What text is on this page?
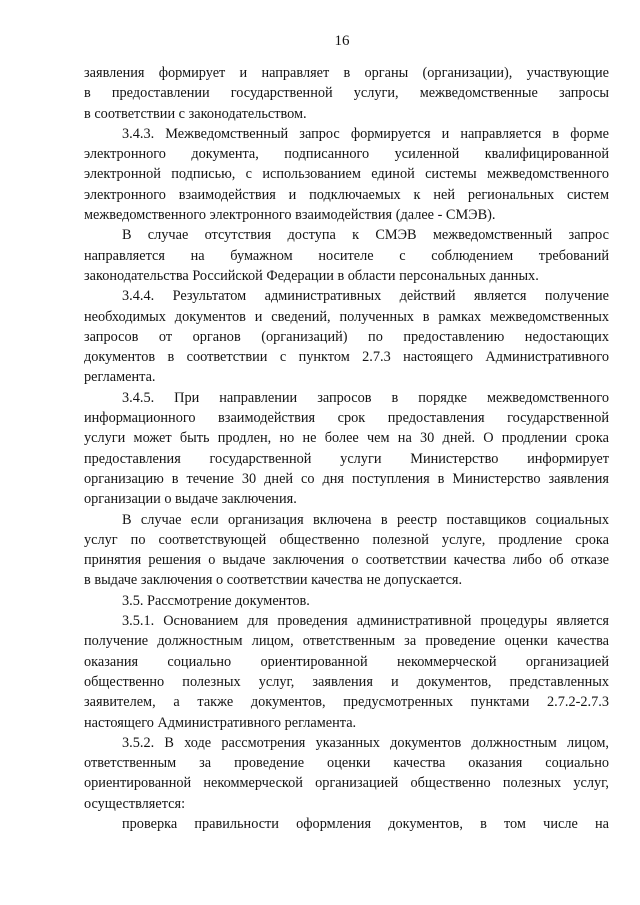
16

заявления формирует и направляет в органы (организации), участвующие

в предоставлении государственной услуги, межведомственные запросы

в соответствии с законодательством.

3.4.3. Межведомственный запрос формируется и направляется в форме

электронного документа, подписанного усиленной квалифицированной

электронной подписью, с использованием единой системы межведомственного

электронного взаимодействия и подключаемых к ней региональных систем

межведомственного электронного взаимодействия (далее - СМЭВ).

В случае отсутствия доступа к СМЭВ межведомственный запрос

направляется на бумажном носителе с соблюдением требований

законодательства Российской Федерации в области персональных данных.

3.4.4. Результатом административных действий является получение

необходимых документов и сведений, полученных в рамках межведомственных

запросов от органов (организаций) по предоставлению недостающих

документов в соответствии с пунктом 2.7.3 настоящего Административного

регламента.

3.4.5. При направлении запросов в порядке межведомственного

информационного взаимодействия срок предоставления государственной

услуги может быть продлен, но не более чем на 30 дней. О продлении срока

предоставления государственной услуги Министерство информирует

организацию в течение 30 дней со дня поступления в Министерство заявления

организации о выдаче заключения.

В случае если организация включена в реестр поставщиков социальных

услуг по соответствующей общественно полезной услуге, продление срока

принятия решения о выдаче заключения о соответствии качества либо об отказе

в выдаче заключения о соответствии качества не допускается.

3.5. Рассмотрение документов.

3.5.1. Основанием для проведения административной процедуры является

получение должностным лицом, ответственным за проведение оценки качества

оказания социально ориентированной некоммерческой организацией

общественно полезных услуг, заявления и документов, представленных

заявителем, а также документов, предусмотренных пунктами 2.7.2-2.7.3

настоящего Административного регламента.

3.5.2. В ходе рассмотрения указанных документов должностным лицом,

ответственным за проведение оценки качества оказания социально

ориентированной некоммерческой организацией общественно полезных услуг,

осуществляется:

проверка правильности оформления документов, в том числе на
